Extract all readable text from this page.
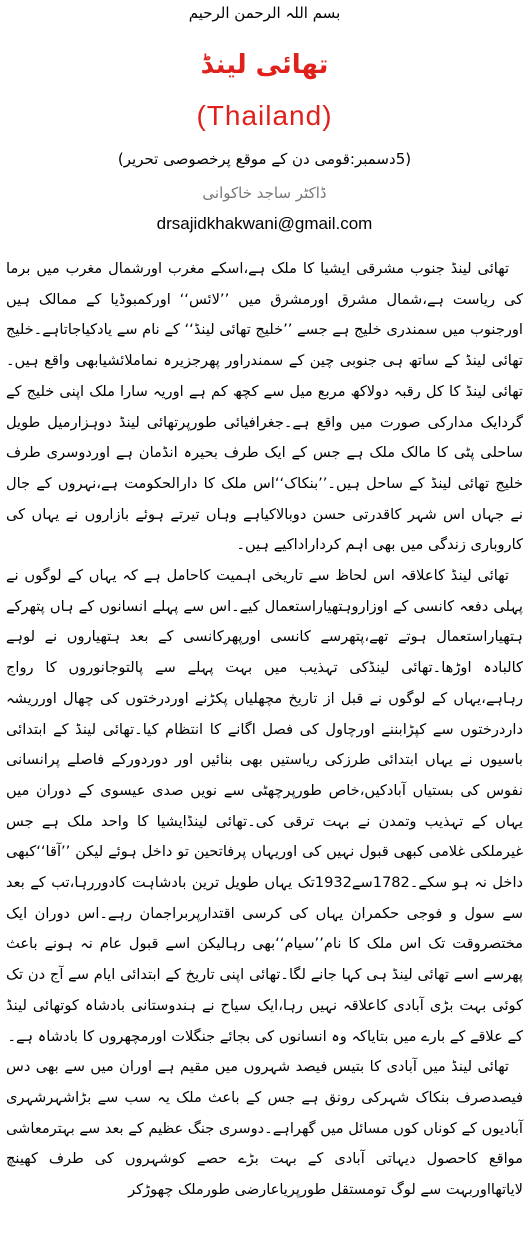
بسم اللہ الرحمن الرحیم
تھائی لینڈ
(Thailand)
(5دسمبر:قومی دن کے موقع پرخصوصی تحریر)
ڈاکٹر ساجد خاکوانی
drsajidkhakwani@gmail.com

تھائی لینڈ جنوب مشرقی ایشیا کا ملک ہے،اسکے مغرب اورشمال مغرب میں برما کی ریاست ہے،شمال مشرق اورمشرق میں ’’لائس‘‘ اورکمبوڈیا کے ممالک ہیں اورجنوب میں سمندری خلیج ہے جسے ’’خلیج تھائی لینڈ‘‘ کے نام سے یادکیاجاتاہے۔خلیج تھائی لینڈ کے ساتھ ہی جنوبی چین کے سمندراور پھرجزیرہ نماملائشیابھی واقع ہیں۔تھائی لینڈ کا کل رقبہ دولاکھ مربع میل سے کچھ کم ہے اوریہ سارا ملک اپنی خلیج کے گردایک مدارکی صورت میں واقع ہے۔جغرافیائی طورپرتھائی لینڈ دوہزارمیل طویل ساحلی پٹی کا مالک ملک ہے جس کے ایک طرف بحیرہ انڈمان ہے اوردوسری طرف خلیج تھائی لینڈ کے ساحل ہیں۔’’بنکاک‘‘اس ملک کا دارالحکومت ہے،نہروں کے جال نے جہاں اس شہر کاقدرتی حسن دوبالاکیاہے وہاں تیرتے ہوئے بازاروں نے یہاں کی کاروباری زندگی میں بھی اہم کرداراداکیے ہیں۔

تھائی لینڈ کاعلاقہ اس لحاظ سے تاریخی اہمیت کاحامل ہے کہ یہاں کے لوگوں نے پہلی دفعہ کانسی کے اوزاروہتھیاراستعمال کیے۔اس سے پہلے انسانوں کے ہاں پتھرکے ہتھیاراستعمال ہوتے تھے،پتھرسے کانسی اورپھرکانسی کے بعد ہتھیاروں نے لوہے کالبادہ اوڑھا۔تھائی لینڈکی تہذیب میں بہت پہلے سے پالتوجانوروں کا رواج رہاہے،یہاں کے لوگوں نے قبل از تاریخ مچھلیاں پکڑنے اوردرختوں کی چھال اورریشہ داردرختوں سے کپڑابننے اورچاول کی فصل اگانے کا انتظام کیا۔تھائی لینڈ کے ابتدائی باسیوں نے یہاں ابتدائی طرزکی ریاستیں بھی بنائیں اور دوردورکے فاصلے پرانسانی نفوس کی بستیاں آبادکیں،خاص طورپرچھٹی سے نویں صدی عیسوی کے دوران میں یہاں کے تہذیب وتمدن نے بہت ترقی کی۔تھائی لینڈایشیا کا واحد ملک ہے جس غیرملکی غلامی کبھی قبول نہیں کی اوریہاں پرفاتحین تو داخل ہوئے لیکن ’’آقا‘‘کبھی داخل نہ ہو سکے۔1782سے1932تک یہاں طویل ترین بادشاہت کادوررہا،تب کے بعد سے سول و فوجی حکمران یہاں کی کرسی اقتدارپربراجمان رہے۔اس دوران ایک مختصروقت تک اس ملک کا نام’’سیام‘‘بھی رہالیکن اسے قبول عام نہ ہونے باعث پھرسے اسے تھائی لینڈ ہی کہا جانے لگا۔تھائی اپنی تاریخ کے ابتدائی ایام سے آج دن تک کوئی بہت بڑی آبادی کاعلاقہ نہیں رہا،ایک سیاح نے ہندوستانی بادشاہ کوتھائی لینڈ کے علاقے کے بارے میں بتایاکہ وہ انسانوں کی بجائے جنگلات اورمچھروں کا بادشاہ ہے۔

تھائی لینڈ میں آبادی کا بتیس فیصد شہروں میں مقیم ہے اوران میں سے بھی دس فیصدصرف بنکاک شہرکی رونق ہے جس کے باعث ملک یہ سب سے بڑاشہرشہری آبادیوں کے کوناں کوں مسائل میں گھراہے۔دوسری جنگ عظیم کے بعد سے بہترمعاشی مواقع کاحصول دیہاتی آبادی کے بہت بڑے حصے کوشہروں کی طرف کھینچ لایاتھااوربہت سے لوگ تومستقل طورپریاعارضی طورملک چھوڑکر
